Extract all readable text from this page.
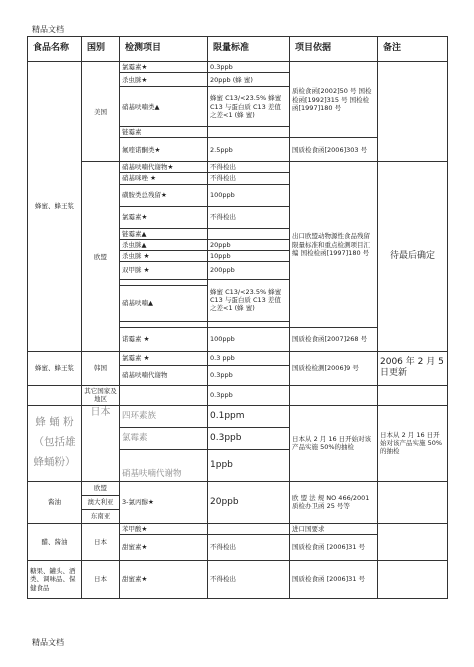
精品文档
食品名称	国别	检测项目	限量标准	项目依据	备注
蜂蜜、蜂王浆	美国	氯霉素★	0.3ppb	质检食函[2002]50 号 国检检函[1992]315 号 国检检函[1997]180 号	
		杀虫脒★	20ppb (蜂 蜜)		
		硝基呋喃类▲	蜂蜜 C13/<23.5% 蜂蜜 C13 与蛋白质 C13 差值之差<1 (蜂 蜜)		
		链霉素			
		氟喹诺酮类★	2.5ppb	国质检食函[2006]303 号	
	欧盟	硝基呋喃代谢物★	不得检出	出口欧盟动物源性食品残留限量标准和重点检测项目汇编 国检检函[1997]180 号	待最后确定
		硝基咪唑 ★	不得检出		
		磺胺类总残留★	100ppb		
		氯霉素★	不得检出		
		链霉素▲			
		杀虫脒▲	20ppb		
		杀虫脒 ★	10ppb		
		双甲脒 ★	200ppb		
			蜂蜜 C13/<23.5% 蜂蜜 C13 与蛋白质 C13 差值之差<1 (蜂 蜜)		
		硝基呋喃▲			

		诺霉素 ★	100ppb	国质检食函[2007]268 号	
蜂蜜、蜂王浆	韩国	氯霉素 ★	0.3 ppb	国质检检测[2006]9 号	2006 年 2 月 5 日更新
		硝基呋喃代谢物	0.3ppb		
	其它国家及地区		0.3ppb		
蜂 蛹 粉 （包括雄 蜂蛹粉）	日本	四环素族	0.1ppm	日本从 2 月 16 日开始对该产品实施 50%的抽检	日本从 2 月 16 日开始对该产品实施 50%的抽检
		氯霉素	0.3ppb		
		硝基呋喃代谢物	1ppb		
酱油	欧盟	3-氯丙醇★	20ppb	欧 盟 法 规 NO 466/2001 质检办卫函 25 号等	
	澳大利亚				
	东南亚				
醋、酱油	日本	苯甲酸★		进口国要求	
		甜蜜素★	不得检出	国质检食函 [2006]31 号	
糖果、罐头、酒类、调味品、保健食品	日本	甜蜜素★	不得检出	国质检食函 [2006]31 号	
精品文档
